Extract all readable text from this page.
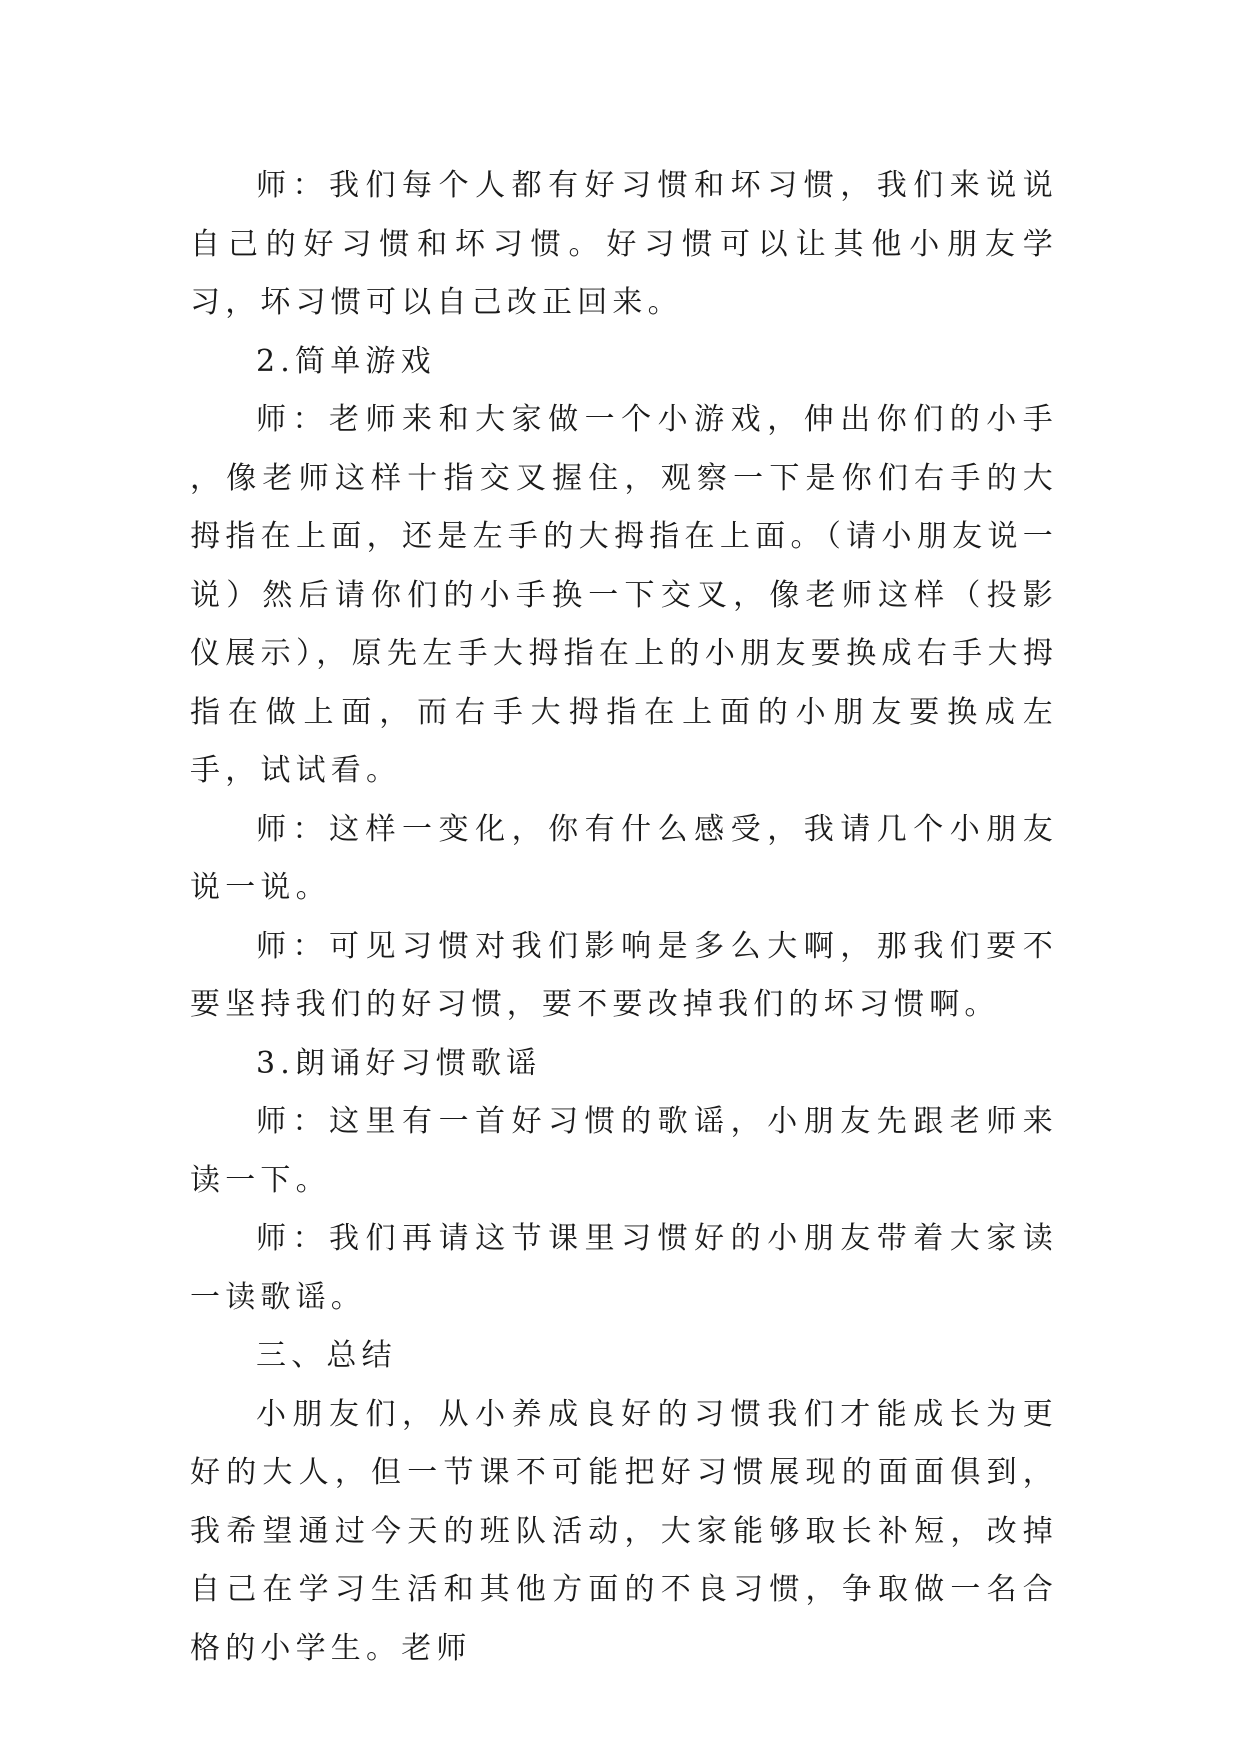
师：我们每个人都有好习惯和坏习惯，我们来说说自己的好习惯和坏习惯。好习惯可以让其他小朋友学习，坏习惯可以自己改正回来。

2.简单游戏

师：老师来和大家做一个小游戏，伸出你们的小手 ，像老师这样十指交叉握住，观察一下是你们右手的大拇指在上面，还是左手的大拇指在上面。（请小朋友说一说）然后请你们的小手换一下交叉，像老师这样（投影仪展示），原先左手大拇指在上的小朋友要换成右手大拇指在做上面，而右手大拇指在上面的小朋友要换成左手，试试看。

师：这样一变化，你有什么感受，我请几个小朋友说一说。

师：可见习惯对我们影响是多么大啊，那我们要不要坚持我们的好习惯，要不要改掉我们的坏习惯啊。

3.朗诵好习惯歌谣

师：这里有一首好习惯的歌谣，小朋友先跟老师来读一下。

师：我们再请这节课里习惯好的小朋友带着大家读一读歌谣。

三、总结

小朋友们，从小养成良好的习惯我们才能成长为更好的大人，但一节课不可能把好习惯展现的面面俱到，我希望通过今天的班队活动，大家能够取长补短，改掉自己在学习生活和其他方面的不良习惯，争取做一名合格的小学生。老师
